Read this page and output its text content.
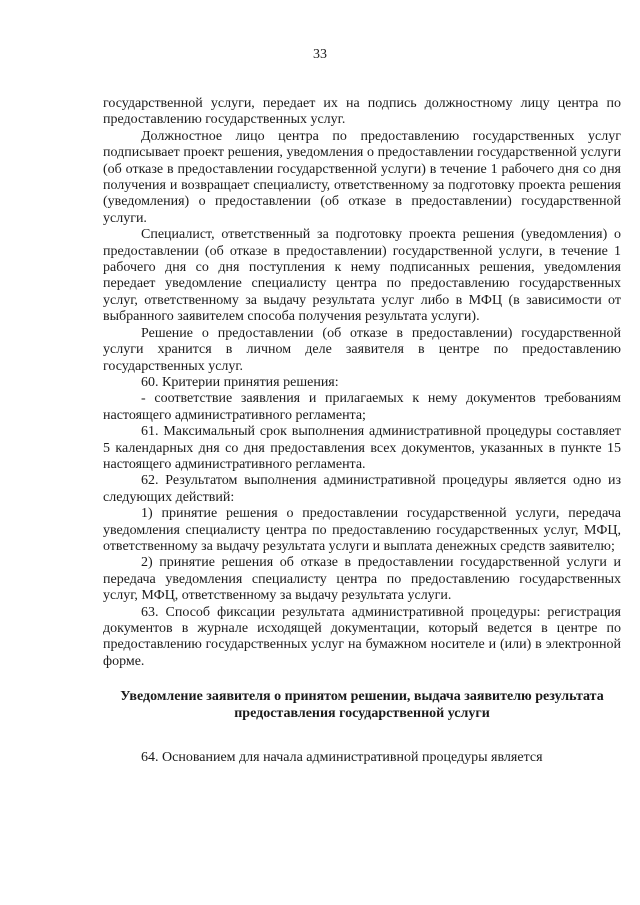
33

государственной услуги, передает их на подпись должностному лицу центра по предоставлению государственных услуг.

Должностное лицо центра по предоставлению государственных услуг подписывает проект решения, уведомления о предоставлении государственной услуги (об отказе в предоставлении государственной услуги) в течение 1 рабочего дня со дня получения и возвращает специалисту, ответственному за подготовку проекта решения (уведомления) о предоставлении (об отказе в предоставлении) государственной услуги.

Специалист, ответственный за подготовку проекта решения (уведомления) о предоставлении (об отказе в предоставлении) государственной услуги, в течение 1 рабочего дня со дня поступления к нему подписанных решения, уведомления передает уведомление специалисту центра по предоставлению государственных услуг, ответственному за выдачу результата услуг либо в МФЦ (в зависимости от выбранного заявителем способа получения результата услуги).

Решение о предоставлении (об отказе в предоставлении) государственной услуги хранится в личном деле заявителя в центре по предоставлению государственных услуг.

60. Критерии принятия решения:

- соответствие заявления и прилагаемых к нему документов требованиям настоящего административного регламента;

61. Максимальный срок выполнения административной процедуры составляет 5 календарных дня со дня предоставления всех документов, указанных в пункте 15 настоящего административного регламента.

62. Результатом выполнения административной процедуры является одно из следующих действий:

1) принятие решения о предоставлении государственной услуги, передача уведомления специалисту центра по предоставлению государственных услуг, МФЦ, ответственному за выдачу результата услуги и выплата денежных средств заявителю;

2) принятие решения об отказе в предоставлении государственной услуги и передача уведомления специалисту центра по предоставлению государственных услуг, МФЦ, ответственному за выдачу результата услуги.

63. Способ фиксации результата административной процедуры: регистрация документов в журнале исходящей документации, который ведется в центре по предоставлению государственных услуг на бумажном носителе и (или) в электронной форме.

Уведомление заявителя о принятом решении, выдача заявителю результата предоставления государственной услуги

64. Основанием для начала административной процедуры является
